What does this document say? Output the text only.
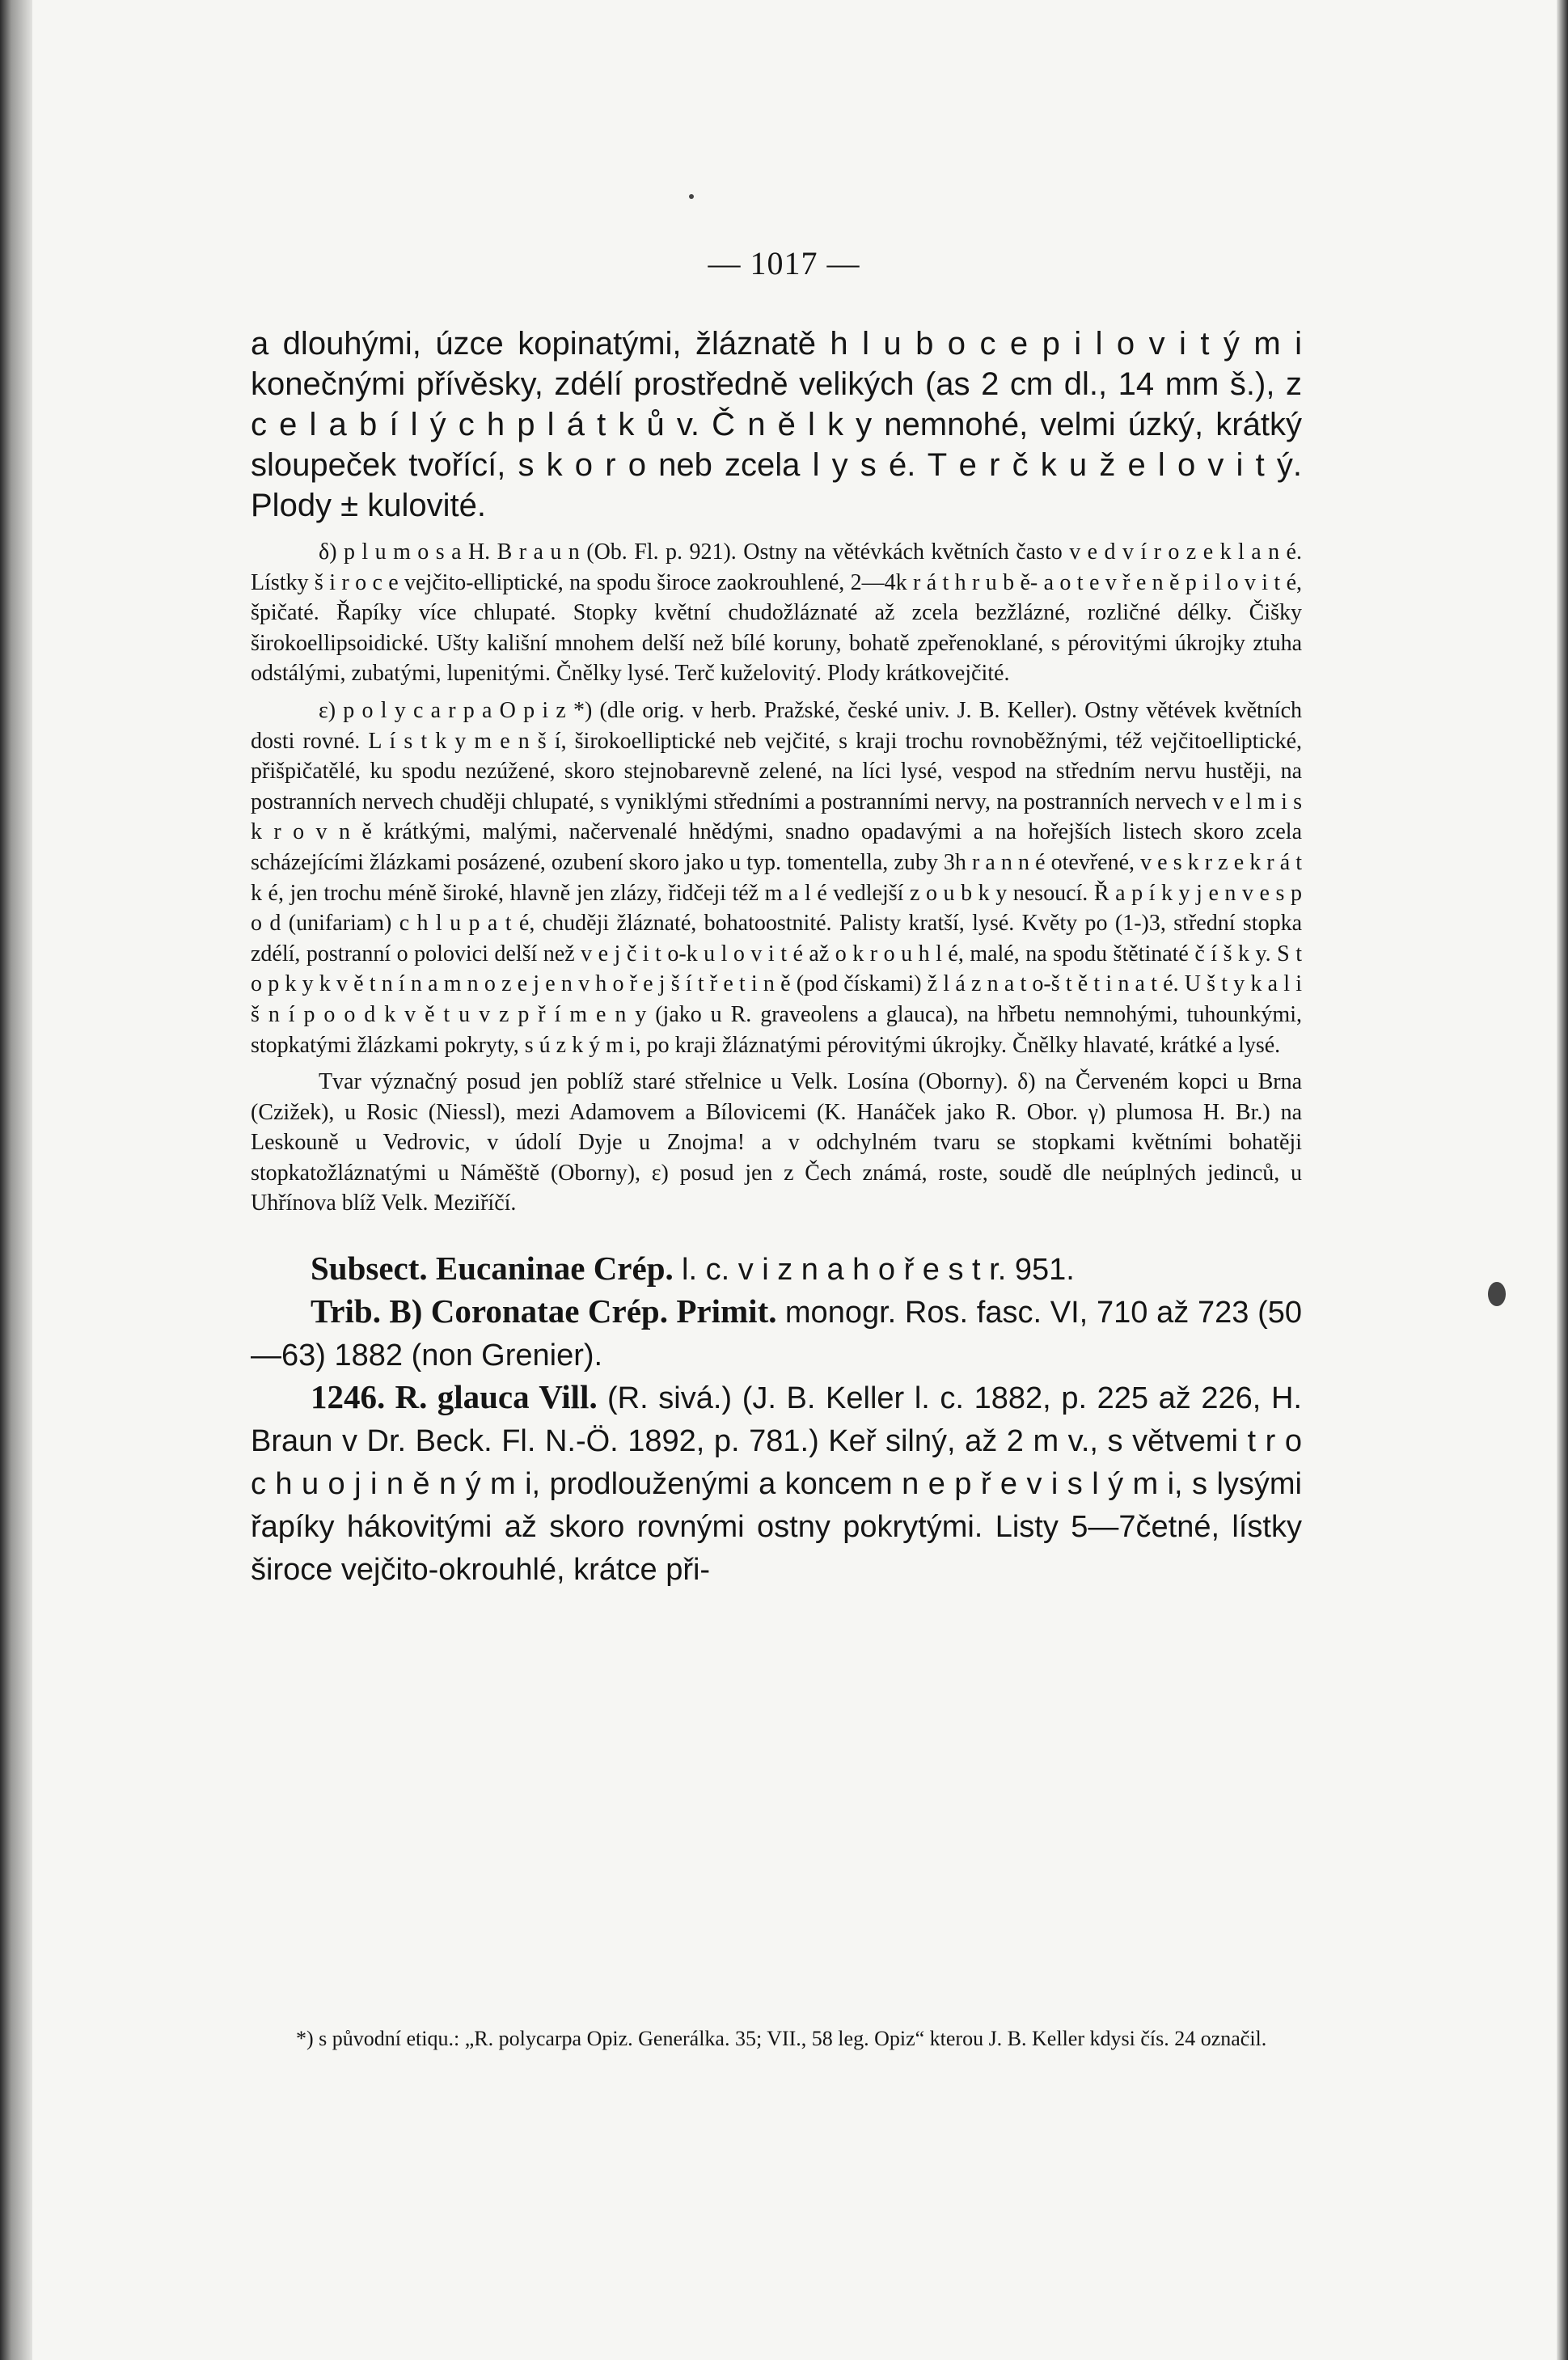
— 1017 —

a dlouhými, úzce kopinatými, žláznatě h l u b o c e p i l o v i t ý m i konečnými přívěsky, zdélí prostředně velikých (as 2 cm dl., 14 mm š.), z c e l a b í l ý c h p l á t k ů v. Č n ě l k y nemnohé, velmi úzký, krátký sloupeček tvořící, s k o r o neb zcela l y s é. T e r č k u ž e l o v i t ý. Plody ± kulovité.

δ) p l u m o s a H. B r a u n (Ob. Fl. p. 921). Ostny na větévkách květních často v e d v í r o z e k l a n é. Lístky š i r o c e vejčito-elliptické, na spodu široce zaokrouhlené, 2—4k r á t h r u b ě- a o t e v ř e n ě p i l o v i t é, špičaté. Řapíky více chlupaté. Stopky květní chudožláznaté až zcela bezžlázné, rozličné délky. Čišky širokoellipsoidické. Ušty kališní mnohem delší než bílé koruny, bohatě zpeřenoklané, s pérovitými úkrojky ztuha odstálými, zubatými, lupenitými. Čnělky lysé. Terč kuželovitý. Plody krátkovejčité.

ε) p o l y c a r p a O p i z *) (dle orig. v herb. Pražské, české univ. J. B. Keller). Ostny větévek květních dosti rovné. L í s t k y m e n š í, širokoelliptické neb vejčité, s kraji trochu rovnoběžnými, též vejčitoelliptické, přišpičatělé, ku spodu nezúžené, skoro stejnobarevně zelené, na líci lysé, vespod na středním nervu hustěji, na postranních nervech chuději chlupaté, s vyniklými středními a postranními nervy, na postranních nervech v e l m i s k r o v n ě krátkými, malými, načervenalé hnědými, snadno opadavými a na hořejších listech skoro zcela scházejícími žlázkami posázené, ozubení skoro jako u typ. tomentella, zuby 3h r a n n é otevřené, v e s k r z e k r á t k é, jen trochu méně široké, hlavně jen zlázy, řidčeji též m a l é vedlejší z o u b k y nesoucí. Ř a p í k y j e n v e s p o d (unifariam) c h l u p a t é, chuději žláznaté, bohatoostnité. Palisty kratší, lysé. Květy po (1-)3, střední stopka zdélí, postranní o polovici delší než v e j č i t o-k u l o v i t é až o k r o u h l é, malé, na spodu štětinaté č í š k y. S t o p k y k v ě t n í n a m n o z e j e n v h o ř e j š í t ř e t i n ě (pod čískami) ž l á z n a t o-š t ě t i n a t é. U š t y k a l i š n í p o o d k v ě t u v z p ř í m e n y (jako u R. graveolens a glauca), na hřbetu nemnohými, tuhounkými, stopkatými žlázkami pokryty, s ú z k ý m i, po kraji žláznatými pérovitými úkrojky. Čnělky hlavaté, krátké a lysé.

Tvar význačný posud jen poblíž staré střelnice u Velk. Losína (Oborny). δ) na Červeném kopci u Brna (Czižek), u Rosic (Niessl), mezi Adamovem a Bílovicemi (K. Hanáček jako R. Obor. γ) plumosa H. Br.) na Leskouně u Vedrovic, v údolí Dyje u Znojma! a v odchylném tvaru se stopkami květními bohatěji stopkatožláznatými u Náměště (Oborny), ε) posud jen z Čech známá, roste, soudě dle neúplných jedinců, u Uhřínova blíž Velk. Meziříčí.

Subsect. Eucaninae Crép. l. c. v i z n a h o ř e s t r. 951.

Trib. B) Coronatae Crép. Primit. monogr. Ros. fasc. VI, 710 až 723 (50—63) 1882 (non Grenier).

1246. R. glauca Vill. (R. sivá.) (J. B. Keller l. c. 1882, p. 225 až 226, H. Braun v Dr. Beck. Fl. N.-Ö. 1892, p. 781.) Keř silný, až 2 m v., s větvemi t r o c h u o j i n ě n ý m i, prodlouženými a koncem n e p ř e v i s l ý m i, s lysými řapíky hákovitými až skoro rovnými ostny pokrytými. Listy 5—7četné, lístky široce vejčito-okrouhlé, krátce při-

*) s původní etiqu.: „R. polycarpa Opiz. Generálka. 35; VII., 58 leg. Opiz“ kterou J. B. Keller kdysi čís. 24 označil.
